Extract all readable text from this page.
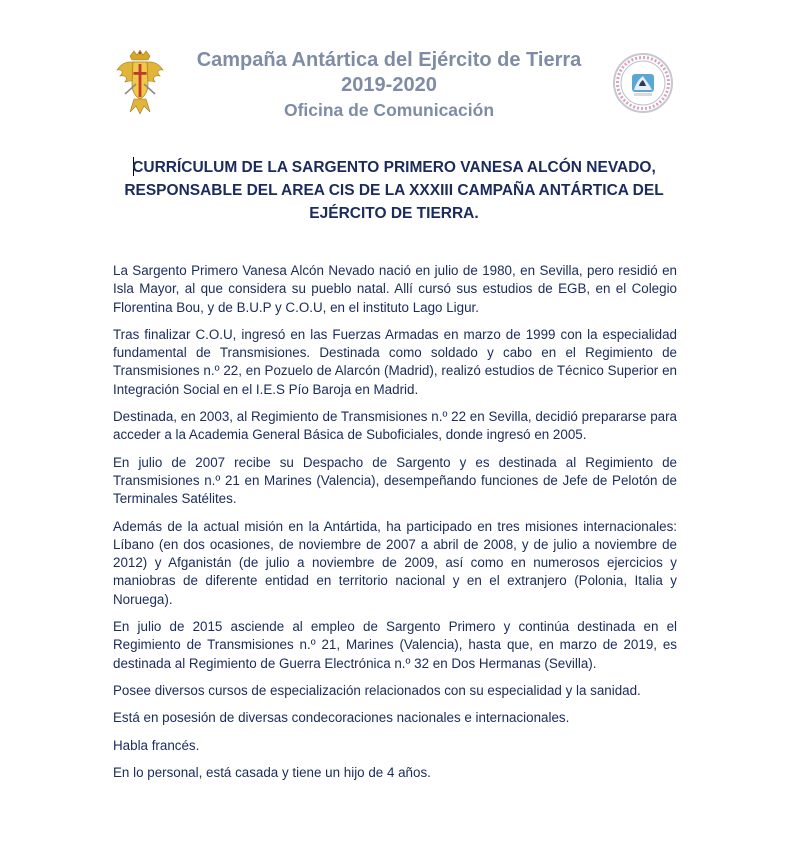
Campaña Antártica del Ejército de Tierra
2019-2020
Oficina de Comunicación
CURRÍCULUM DE LA SARGENTO PRIMERO VANESA ALCÓN NEVADO,
RESPONSABLE DEL AREA CIS DE LA XXXIII CAMPAÑA ANTÁRTICA DEL
EJÉRCITO DE TIERRA.

La Sargento Primero Vanesa Alcón Nevado nació en julio de 1980, en Sevilla, pero residió en Isla Mayor, al que considera su pueblo natal. Allí cursó sus estudios de EGB, en el Colegio Florentina Bou, y de B.U.P y C.O.U, en el instituto Lago Ligur.

Tras finalizar C.O.U, ingresó en las Fuerzas Armadas en marzo de 1999 con la especialidad fundamental de Transmisiones. Destinada como soldado y cabo en el Regimiento de Transmisiones n.º 22, en Pozuelo de Alarcón (Madrid), realizó estudios de Técnico Superior en Integración Social en el I.E.S Pío Baroja en Madrid.

Destinada, en 2003, al Regimiento de Transmisiones n.º 22 en Sevilla, decidió prepararse para acceder a la Academia General Básica de Suboficiales, donde ingresó en 2005.

En julio de 2007 recibe su Despacho de Sargento y es destinada al Regimiento de Transmisiones n.º 21 en Marines (Valencia), desempeñando funciones de Jefe de Pelotón de Terminales Satélites.

Además de la actual misión en la Antártida, ha participado en tres misiones internacionales: Líbano (en dos ocasiones, de noviembre de 2007 a abril de 2008, y de julio a noviembre de 2012) y Afganistán (de julio a noviembre de 2009, así como en numerosos ejercicios y maniobras de diferente entidad en territorio nacional y en el extranjero (Polonia, Italia y Noruega).

En julio de 2015 asciende al empleo de Sargento Primero y continúa destinada en el Regimiento de Transmisiones n.º 21, Marines (Valencia), hasta que, en marzo de 2019, es destinada al Regimiento de Guerra Electrónica n.º 32 en Dos Hermanas (Sevilla).

Posee diversos cursos de especialización relacionados con su especialidad y la sanidad.

Está en posesión de diversas condecoraciones nacionales e internacionales.

Habla francés.

En lo personal, está casada y tiene un hijo de 4 años.
